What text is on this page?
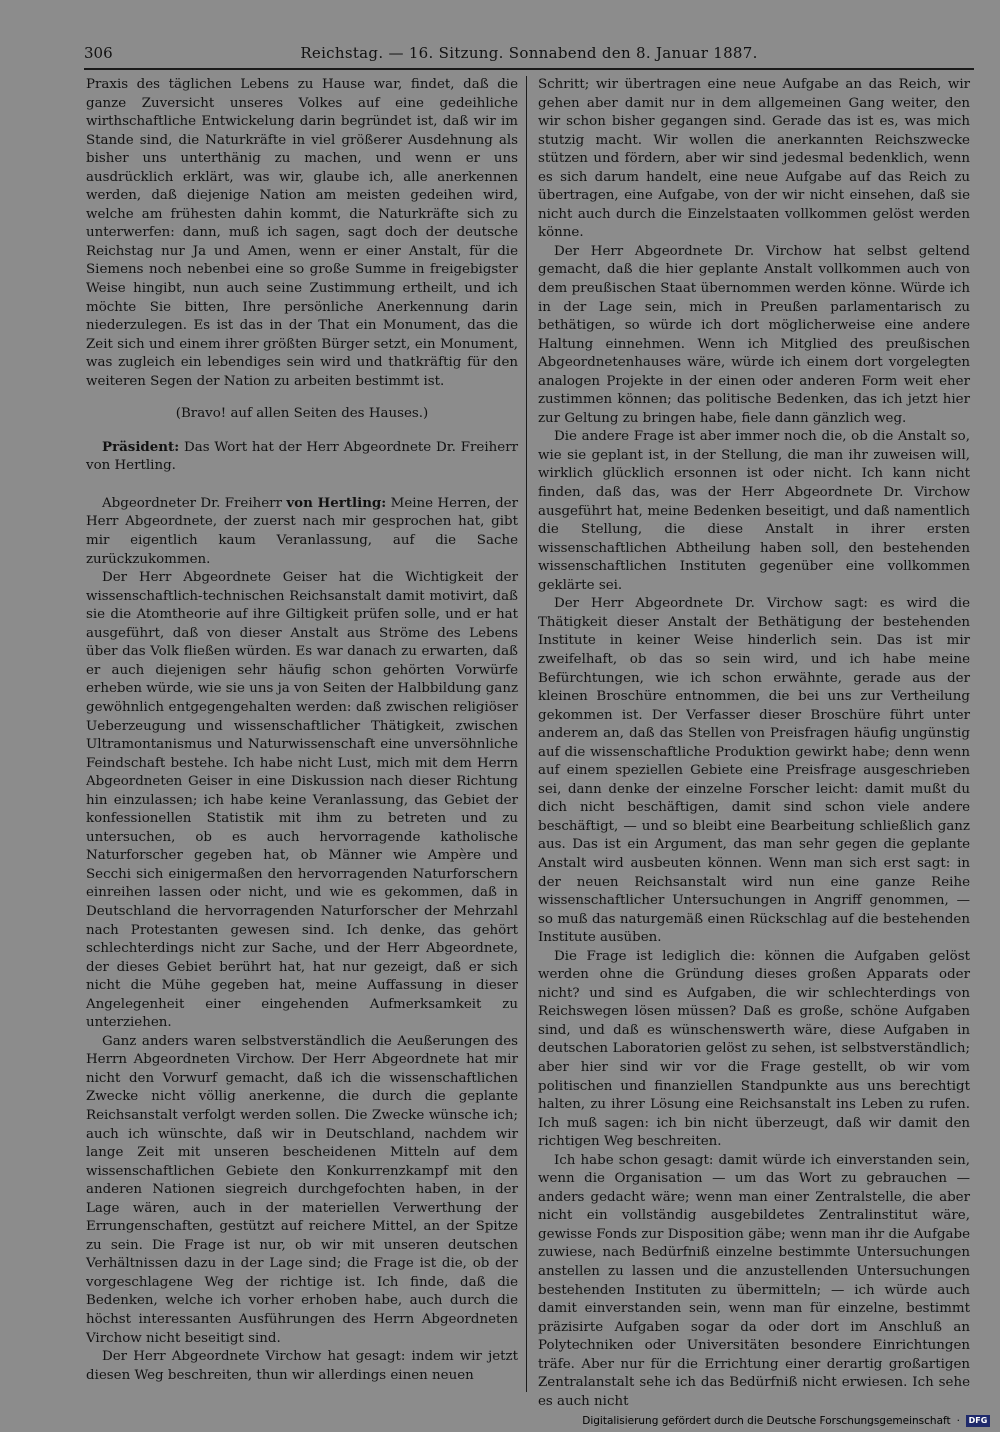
306	Reichstag. — 16. Sitzung. Sonnabend den 8. Januar 1887.

Praxis des täglichen Lebens zu Hause war, findet, daß die ganze Zuversicht unseres Volkes auf eine gedeihliche wirthschaftliche Entwickelung darin begründet ist, daß wir im Stande sind, die Naturkräfte in viel größerer Ausdehnung als bisher uns unterthänig zu machen, und wenn er uns ausdrücklich erklärt, was wir, glaube ich, alle anerkennen werden, daß diejenige Nation am meisten gedeihen wird, welche am frühesten dahin kommt, die Naturkräfte sich zu unterwerfen: dann, muß ich sagen, sagt doch der deutsche Reichstag nur Ja und Amen, wenn er einer Anstalt, für die Siemens noch nebenbei eine so große Summe in freigebigster Weise hingibt, nun auch seine Zustimmung ertheilt, und ich möchte Sie bitten, Ihre persönliche Anerkennung darin niederzulegen. Es ist das in der That ein Monument, das die Zeit sich und einem ihrer größten Bürger setzt, ein Monument, was zugleich ein lebendiges sein wird und thatkräftig für den weiteren Segen der Nation zu arbeiten bestimmt ist.

(Bravo! auf allen Seiten des Hauses.)

Präsident: Das Wort hat der Herr Abgeordnete Dr. Freiherr von Hertling.

Abgeordneter Dr. Freiherr von Hertling: Meine Herren, der Herr Abgeordnete, der zuerst nach mir gesprochen hat, gibt mir eigentlich kaum Veranlassung, auf die Sache zurückzukommen.

Der Herr Abgeordnete Geiser hat die Wichtigkeit der wissenschaftlich-technischen Reichsanstalt damit motivirt, daß sie die Atomtheorie auf ihre Giltigkeit prüfen solle, und er hat ausgeführt, daß von dieser Anstalt aus Ströme des Lebens über das Volk fließen würden. Es war danach zu erwarten, daß er auch diejenigen sehr häufig schon gehörten Vorwürfe erheben würde, wie sie uns ja von Seiten der Halbbildung ganz gewöhnlich entgegengehalten werden: daß zwischen religiöser Ueberzeugung und wissenschaftlicher Thätigkeit, zwischen Ultramontanismus und Naturwissenschaft eine unversöhnliche Feindschaft bestehe. Ich habe nicht Lust, mich mit dem Herrn Abgeordneten Geiser in eine Diskussion nach dieser Richtung hin einzulassen; ich habe keine Veranlassung, das Gebiet der konfessionellen Statistik mit ihm zu betreten und zu untersuchen, ob es auch hervorragende katholische Naturforscher gegeben hat, ob Männer wie Ampère und Secchi sich einigermaßen den hervorragenden Naturforschern einreihen lassen oder nicht, und wie es gekommen, daß in Deutschland die hervorragenden Naturforscher der Mehrzahl nach Protestanten gewesen sind. Ich denke, das gehört schlechterdings nicht zur Sache, und der Herr Abgeordnete, der dieses Gebiet berührt hat, hat nur gezeigt, daß er sich nicht die Mühe gegeben hat, meine Auffassung in dieser Angelegenheit einer eingehenden Aufmerksamkeit zu unterziehen.

Ganz anders waren selbstverständlich die Aeußerungen des Herrn Abgeordneten Virchow. Der Herr Abgeordnete hat mir nicht den Vorwurf gemacht, daß ich die wissenschaftlichen Zwecke nicht völlig anerkenne, die durch die geplante Reichsanstalt verfolgt werden sollen. Die Zwecke wünsche ich; auch ich wünschte, daß wir in Deutschland, nachdem wir lange Zeit mit unseren bescheidenen Mitteln auf dem wissenschaftlichen Gebiete den Konkurrenzkampf mit den anderen Nationen siegreich durchgefochten haben, in der Lage wären, auch in der materiellen Verwerthung der Errungenschaften, gestützt auf reichere Mittel, an der Spitze zu sein. Die Frage ist nur, ob wir mit unseren deutschen Verhältnissen dazu in der Lage sind; die Frage ist die, ob der vorgeschlagene Weg der richtige ist. Ich finde, daß die Bedenken, welche ich vorher erhoben habe, auch durch die höchst interessanten Ausführungen des Herrn Abgeordneten Virchow nicht beseitigt sind.

Der Herr Abgeordnete Virchow hat gesagt: indem wir jetzt diesen Weg beschreiten, thun wir allerdings einen neuen

Schritt; wir übertragen eine neue Aufgabe an das Reich, wir gehen aber damit nur in dem allgemeinen Gang weiter, den wir schon bisher gegangen sind. Gerade das ist es, was mich stutzig macht. Wir wollen die anerkannten Reichszwecke stützen und fördern, aber wir sind jedesmal bedenklich, wenn es sich darum handelt, eine neue Aufgabe auf das Reich zu übertragen, eine Aufgabe, von der wir nicht einsehen, daß sie nicht auch durch die Einzelstaaten vollkommen gelöst werden könne.

Der Herr Abgeordnete Dr. Virchow hat selbst geltend gemacht, daß die hier geplante Anstalt vollkommen auch von dem preußischen Staat übernommen werden könne. Würde ich in der Lage sein, mich in Preußen parlamentarisch zu bethätigen, so würde ich dort möglicherweise eine andere Haltung einnehmen. Wenn ich Mitglied des preußischen Abgeordnetenhauses wäre, würde ich einem dort vorgelegten analogen Projekte in der einen oder anderen Form weit eher zustimmen können; das politische Bedenken, das ich jetzt hier zur Geltung zu bringen habe, fiele dann gänzlich weg.

Die andere Frage ist aber immer noch die, ob die Anstalt so, wie sie geplant ist, in der Stellung, die man ihr zuweisen will, wirklich glücklich ersonnen ist oder nicht. Ich kann nicht finden, daß das, was der Herr Abgeordnete Dr. Virchow ausgeführt hat, meine Bedenken beseitigt, und daß namentlich die Stellung, die diese Anstalt in ihrer ersten wissenschaftlichen Abtheilung haben soll, den bestehenden wissenschaftlichen Instituten gegenüber eine vollkommen geklärte sei.

Der Herr Abgeordnete Dr. Virchow sagt: es wird die Thätigkeit dieser Anstalt der Bethätigung der bestehenden Institute in keiner Weise hinderlich sein. Das ist mir zweifelhaft, ob das so sein wird, und ich habe meine Befürchtungen, wie ich schon erwähnte, gerade aus der kleinen Broschüre entnommen, die bei uns zur Vertheilung gekommen ist. Der Verfasser dieser Broschüre führt unter anderem an, daß das Stellen von Preisfragen häufig ungünstig auf die wissenschaftliche Produktion gewirkt habe; denn wenn auf einem speziellen Gebiete eine Preisfrage ausgeschrieben sei, dann denke der einzelne Forscher leicht: damit mußt du dich nicht beschäftigen, damit sind schon viele andere beschäftigt, — und so bleibt eine Bearbeitung schließlich ganz aus. Das ist ein Argument, das man sehr gegen die geplante Anstalt wird ausbeuten können. Wenn man sich erst sagt: in der neuen Reichsanstalt wird nun eine ganze Reihe wissenschaftlicher Untersuchungen in Angriff genommen, — so muß das naturgemäß einen Rückschlag auf die bestehenden Institute ausüben.

Die Frage ist lediglich die: können die Aufgaben gelöst werden ohne die Gründung dieses großen Apparats oder nicht? und sind es Aufgaben, die wir schlechterdings von Reichswegen lösen müssen? Daß es große, schöne Aufgaben sind, und daß es wünschenswerth wäre, diese Aufgaben in deutschen Laboratorien gelöst zu sehen, ist selbstverständlich; aber hier sind wir vor die Frage gestellt, ob wir vom politischen und finanziellen Standpunkte aus uns berechtigt halten, zu ihrer Lösung eine Reichsanstalt ins Leben zu rufen. Ich muß sagen: ich bin nicht überzeugt, daß wir damit den richtigen Weg beschreiten.

Ich habe schon gesagt: damit würde ich einverstanden sein, wenn die Organisation — um das Wort zu gebrauchen — anders gedacht wäre; wenn man einer Zentralstelle, die aber nicht ein vollständig ausgebildetes Zentralinstitut wäre, gewisse Fonds zur Disposition gäbe; wenn man ihr die Aufgabe zuwiese, nach Bedürfniß einzelne bestimmte Untersuchungen anstellen zu lassen und die anzustellenden Untersuchungen bestehenden Instituten zu übermitteln; — ich würde auch damit einverstanden sein, wenn man für einzelne, bestimmt präzisirte Aufgaben sogar da oder dort im Anschluß an Polytechniken oder Universitäten besondere Einrichtungen träfe. Aber nur für die Errichtung einer derartig großartigen Zentralanstalt sehe ich das Bedürfniß nicht erwiesen. Ich sehe es auch nicht

Digitalisierung gefördert durch die Deutsche Forschungsgemeinschaft ·	DFG
